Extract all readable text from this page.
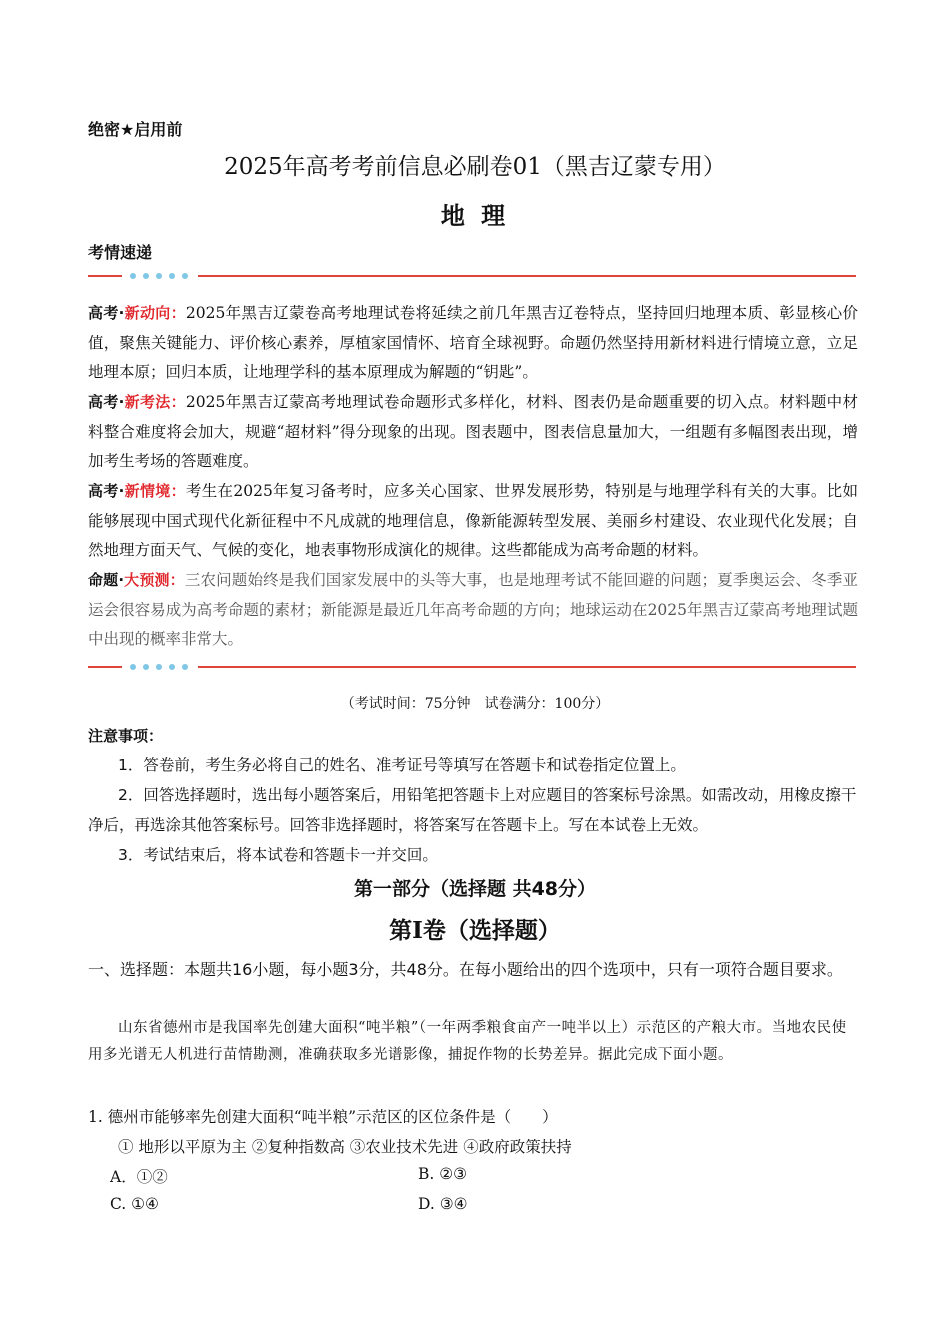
绝密★启用前
2025年高考考前信息必刷卷01（黑吉辽蒙专用）
地 理
考情速递
高考·新动向：2025年黑吉辽蒙卷高考地理试卷将延续之前几年黑吉辽卷特点，坚持回归地理本质、彰显核心价值，聚焦关键能力、评价核心素养，厚植家国情怀、培育全球视野。命题仍然坚持用新材料进行情境立意，立足地理本原；回归本质，让地理学科的基本原理成为解题的“钥匙”。
高考·新考法：2025年黑吉辽蒙高考地理试卷命题形式多样化，材料、图表仍是命题重要的切入点。材料题中材料整合难度将会加大，规避“超材料”得分现象的出现。图表题中，图表信息量加大，一组题有多幅图表出现，增加考生考场的答题难度。
高考·新情境：考生在2025年复习备考时，应多关心国家、世界发展形势，特别是与地理学科有关的大事。比如能够展现中国式现代化新征程中不凡成就的地理信息，像新能源转型发展、美丽乡村建设、农业现代化发展；自然地理方面天气、气候的变化，地表事物形成演化的规律。这些都能成为高考命题的材料。
命题·大预测：三农问题始终是我们国家发展中的头等大事，也是地理考试不能回避的问题；夏季奥运会、冬季亚运会很容易成为高考命题的素材；新能源是最近几年高考命题的方向；地球运动在2025年黑吉辽蒙高考地理试题中出现的概率非常大。
（考试时间：75分钟　试卷满分：100分）
注意事项：
1．答卷前，考生务必将自己的姓名、准考证号等填写在答题卡和试卷指定位置上。
2．回答选择题时，选出每小题答案后，用铅笔把答题卡上对应题目的答案标号涂黑。如需改动，用橡皮擦干净后，再选涂其他答案标号。回答非选择题时，将答案写在答题卡上。写在本试卷上无效。
3．考试结束后，将本试卷和答题卡一并交回。
第一部分（选择题 共48分）
第Ⅰ卷（选择题）
一、选择题：本题共16小题，每小题3分，共48分。在每小题给出的四个选项中，只有一项符合题目要求。
山东省德州市是我国率先创建大面积“吨半粮”（一年两季粮食亩产一吨半以上）示范区的产粮大市。当地农民使用多光谱无人机进行苗情勘测，准确获取多光谱影像，捕捉作物的长势差异。据此完成下面小题。
1. 德州市能够率先创建大面积“吨半粮”示范区的区位条件是（　　）
① 地形以平原为主 ②复种指数高 ③农业技术先进 ④政府政策扶持
A．①②	B. ②③
C. ①④	D. ③④
